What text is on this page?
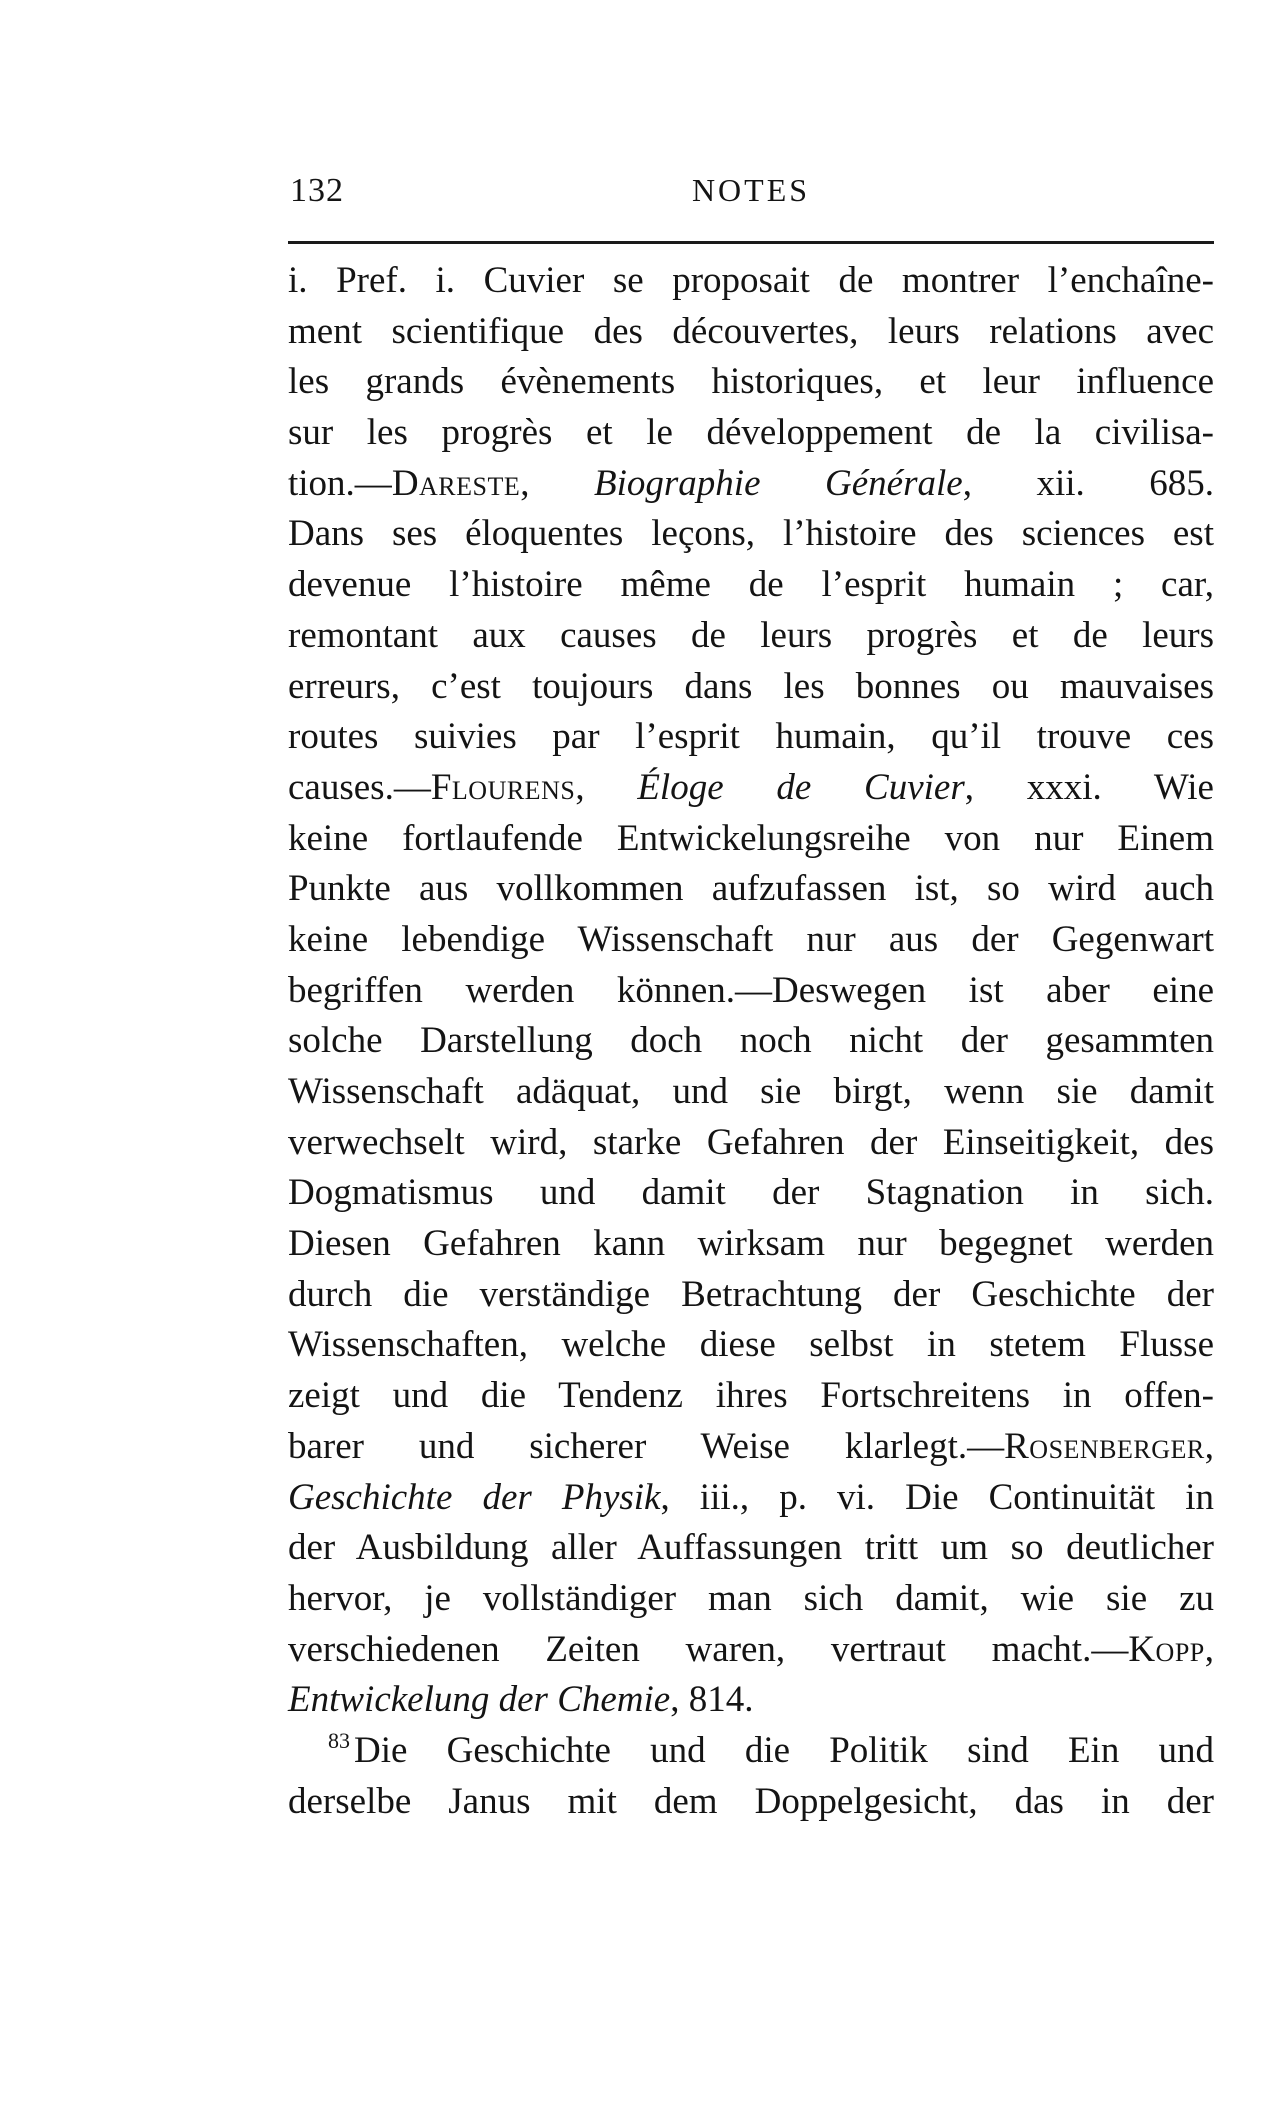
132	NOTES
i. Pref. i. Cuvier se proposait de montrer l’enchaîne-
ment scientifique des découvertes, leurs relations avec
les grands évènements historiques, et leur influence
sur les progrès et le développement de la civilisa-
tion.—Dareste, Biographie Générale, xii. 685.
Dans ses éloquentes leçons, l’histoire des sciences est
devenue l’histoire même de l’esprit humain ; car,
remontant aux causes de leurs progrès et de leurs
erreurs, c’est toujours dans les bonnes ou mauvaises
routes suivies par l’esprit humain, qu’il trouve ces
causes.—Flourens, Éloge de Cuvier, xxxi. Wie
keine fortlaufende Entwickelungsreihe von nur Einem
Punkte aus vollkommen aufzufassen ist, so wird auch
keine lebendige Wissenschaft nur aus der Gegenwart
begriffen werden können.—Deswegen ist aber eine
solche Darstellung doch noch nicht der gesammten
Wissenschaft adäquat, und sie birgt, wenn sie damit
verwechselt wird, starke Gefahren der Einseitigkeit, des
Dogmatismus und damit der Stagnation in sich.
Diesen Gefahren kann wirksam nur begegnet werden
durch die verständige Betrachtung der Geschichte der
Wissenschaften, welche diese selbst in stetem Flusse
zeigt und die Tendenz ihres Fortschreitens in offen-
barer und sicherer Weise klarlegt.—Rosenberger,
Geschichte der Physik, iii., p. vi. Die Continuität in
der Ausbildung aller Auffassungen tritt um so deutlicher
hervor, je vollständiger man sich damit, wie sie zu
verschiedenen Zeiten waren, vertraut macht.—Kopp,
Entwickelung der Chemie, 814.
$^{83}$ Die Geschichte und die Politik sind Ein und
derselbe Janus mit dem Doppelgesicht, das in der
